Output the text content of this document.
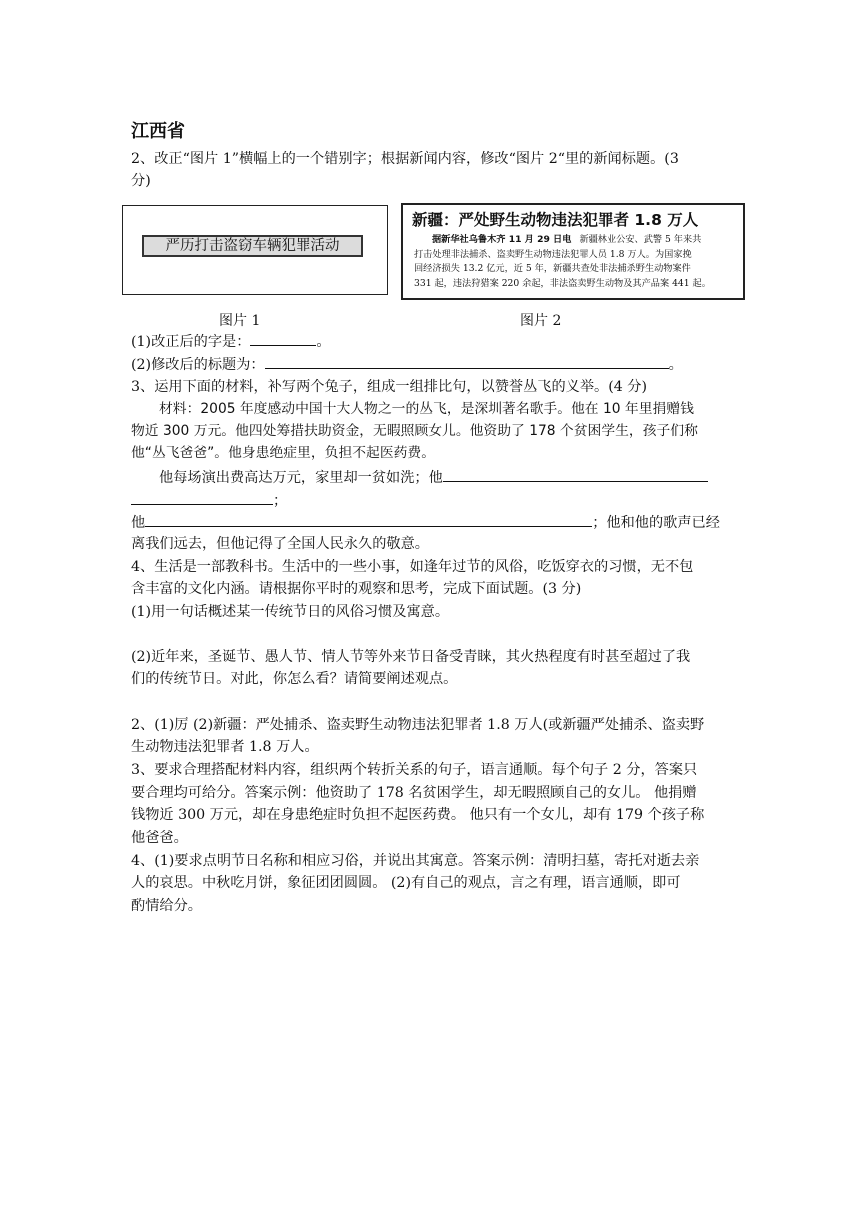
江西省
2、改正“图片 1”横幅上的一个错别字；根据新闻内容，修改“图片 2“里的新闻标题。(3
分)
严历打击盗窃车辆犯罪活动
新疆：严处野生动物违法犯罪者 1.8 万人
据新华社乌鲁木齐 11 月 29 日电 新疆林业公安、武警 5 年来共
打击处理非法捕杀、盗卖野生动物违法犯罪人员 1.8 万人。为国家挽
回经济损失 13.2 亿元，近 5 年，新疆共查处非法捕杀野生动物案件
331 起，违法狩猎案 220 余起，非法盗卖野生动物及其产品案 441 起。
图片 1	图片 2
(1)改正后的字是：	。
(2)修改后的标题为：	。
3、运用下面的材料，补写两个兔子，组成一组排比句，以赞誉丛飞的义举。(4 分)
材料：2005 年度感动中国十大人物之一的丛飞，是深圳著名歌手。他在 10 年里捐赠钱
物近 300 万元。他四处筹措扶助资金，无暇照顾女儿。他资助了 178 个贫困学生，孩子们称
他“丛飞爸爸”。他身患绝症里，负担不起医药费。
他每场演出费高达万元，家里却一贫如洗；他
；
他	；他和他的歌声已经
离我们远去，但他记得了全国人民永久的敬意。
4、生活是一部教科书。生活中的一些小事，如逢年过节的风俗，吃饭穿衣的习惯，无不包
含丰富的文化内涵。请根据你平时的观察和思考，完成下面试题。(3 分)
(1)用一句话概述某一传统节日的风俗习惯及寓意。
(2)近年来，圣诞节、愚人节、情人节等外来节日备受青睐，其火热程度有时甚至超过了我
们的传统节日。对此，你怎么看？请简要阐述观点。
2、(1)厉 (2)新疆：严处捕杀、盗卖野生动物违法犯罪者 1.8 万人(或新疆严处捕杀、盗卖野
生动物违法犯罪者 1.8 万人。
3、要求合理搭配材料内容，组织两个转折关系的句子，语言通顺。每个句子 2 分，答案只
要合理均可给分。答案示例：他资助了 178 名贫困学生，却无暇照顾自己的女儿。 他捐赠
钱物近 300 万元，却在身患绝症时负担不起医药费。 他只有一个女儿，却有 179 个孩子称
他爸爸。
4、(1)要求点明节日名称和相应习俗，并说出其寓意。答案示例：清明扫墓，寄托对逝去亲
人的哀思。中秋吃月饼，象征团团圆圆。 (2)有自己的观点，言之有理，语言通顺，即可
酌情给分。
